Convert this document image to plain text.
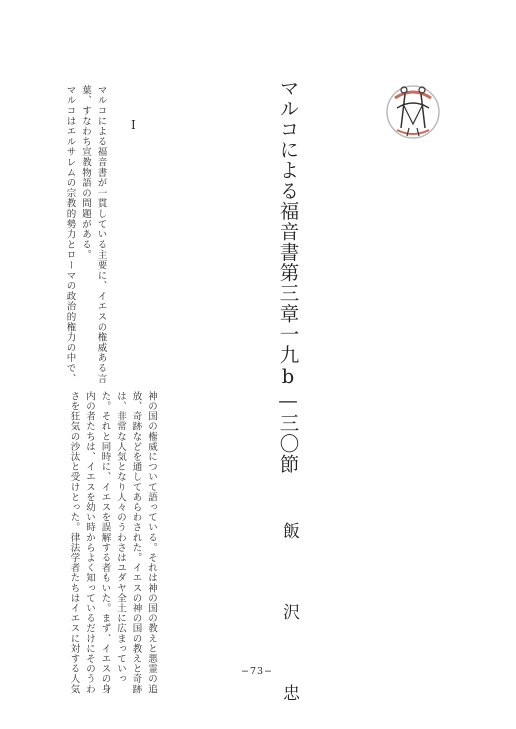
マルコによる福音書第三章一九b—三〇節
飯 沢 忠
I
マルコによる福音書が一貫している主要に、イエスの権威ある言
葉、すなわち宣教物語の問題がある。
マルコはエルサレムの宗教的勢力とローマの政治的権力の中で、
神の国の権威について語っている。それは神の国の教えと悪霊の追
放、奇跡などを通してあらわされた。イエスの神の国の教えと奇跡
は、非常な人気となり人々のうわさはユダヤ全土に広まっていっ
た。それと同時に、イエスを誤解する者もいた。まず、イエスの身
内の者たちは、イエスを幼い時からよく知っているだけにそのうわ
さを狂気の沙汰と受けとった。律法学者たちはイエスに対する人気	−73−
